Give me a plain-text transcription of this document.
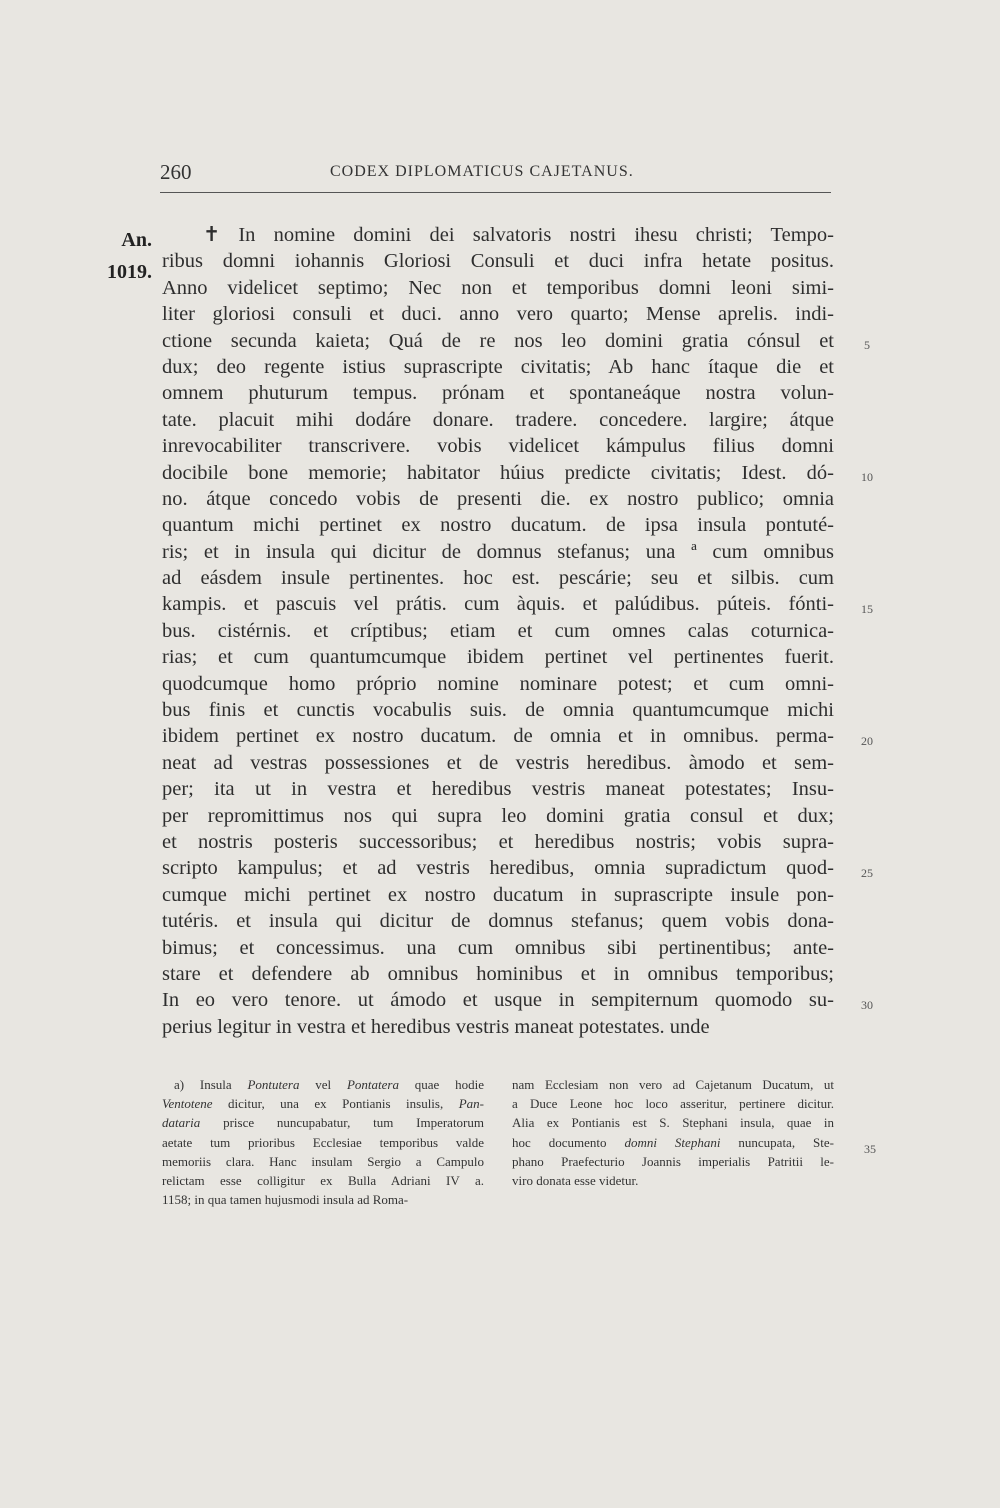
260	CODEX DIPLOMATICUS CAJETANUS.
An.
1019.
✝ In nomine domini dei salvatoris nostri ihesu christi; Tempo-
ribus domni iohannis Gloriosi Consuli et duci infra hetate positus.
Anno videlicet septimo; Nec non et temporibus domni leoni simi-
liter gloriosi consuli et duci. anno vero quarto; Mense aprelis. indi-
ctione secunda kaieta; Quá de re nos leo domini gratia cónsul et
dux; deo regente istius suprascripte civitatis; Ab hanc ítaque die et
omnem phuturum tempus. prónam et spontaneáque nostra volun-
tate. placuit mihi dodáre donare. tradere. concedere. largire; átque
inrevocabiliter transcrivere. vobis videlicet kámpulus filius domni
docibile bone memorie; habitator húius predicte civitatis; Idest. dó-
no. átque concedo vobis de presenti die. ex nostro publico; omnia
quantum michi pertinet ex nostro ducatum. de ipsa insula pontuté-
ris; et in insula qui dicitur de domnus stefanus; una ª cum omnibus
ad eásdem insule pertinentes. hoc est. pescárie; seu et silbis. cum
kampis. et pascuis vel prátis. cum àquis. et palúdibus. púteis. fónti-
bus. cistérnis. et críptibus; etiam et cum omnes calas coturnica-
rias; et cum quantumcumque ibidem pertinet vel pertinentes fuerit.
quodcumque homo próprio nomine nominare potest; et cum omni-
bus finis et cunctis vocabulis suis. de omnia quantumcumque michi
ibidem pertinet ex nostro ducatum. de omnia et in omnibus. perma-
neat ad vestras possessiones et de vestris heredibus. àmodo et sem-
per; ita ut in vestra et heredibus vestris maneat potestates; Insu-
per repromittimus nos qui supra leo domini gratia consul et dux;
et nostris posteris successoribus; et heredibus nostris; vobis supra-
scripto kampulus; et ad vestris heredibus, omnia supradictum quod-
cumque michi pertinet ex nostro ducatum in suprascripte insule pon-
tutéris. et insula qui dicitur de domnus stefanus; quem vobis dona-
bimus; et concessimus. una cum omnibus sibi pertinentibus; ante-
stare et defendere ab omnibus hominibus et in omnibus temporibus;
In eo vero tenore. ut ámodo et usque in sempiternum quomodo su-
perius legitur in vestra et heredibus vestris maneat potestates. unde
5
10
15
20
25
30
a) Insula Pontutera vel Pontatera quae hodie
Ventotene dicitur, una ex Pontianis insulis, Pan-
dataria prisce nuncupabatur, tum Imperatorum
aetate tum prioribus Ecclesiae temporibus valde
memoriis clara. Hanc insulam Sergio a Campulo
relictam esse colligitur ex Bulla Adriani IV a.
1158; in qua tamen hujusmodi insula ad Roma-
nam Ecclesiam non vero ad Cajetanum Ducatum, ut
a Duce Leone hoc loco asseritur, pertinere dicitur.
Alia ex Pontianis est S. Stephani insula, quae in
hoc documento domni Stephani nuncupata, Ste-
phano Praefecturio Joannis imperialis Patritii le-
viro donata esse videtur.
35
